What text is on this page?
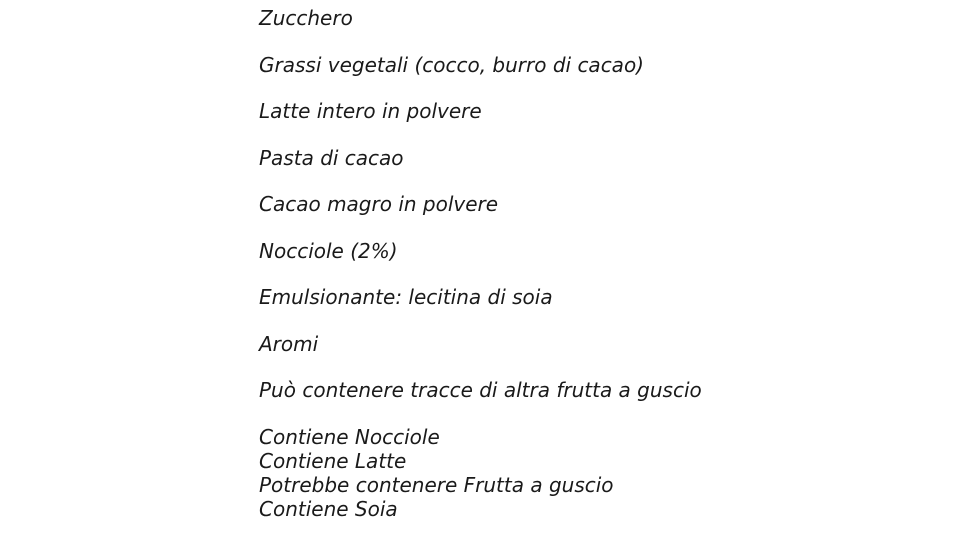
Zucchero

Grassi vegetali (cocco, burro di cacao)

Latte intero in polvere

Pasta di cacao

Cacao magro in polvere

Nocciole (2%)

Emulsionante: lecitina di soia

Aromi

Può contenere tracce di altra frutta a guscio

Contiene Nocciole

Contiene Latte

Potrebbe contenere Frutta a guscio

Contiene Soia
